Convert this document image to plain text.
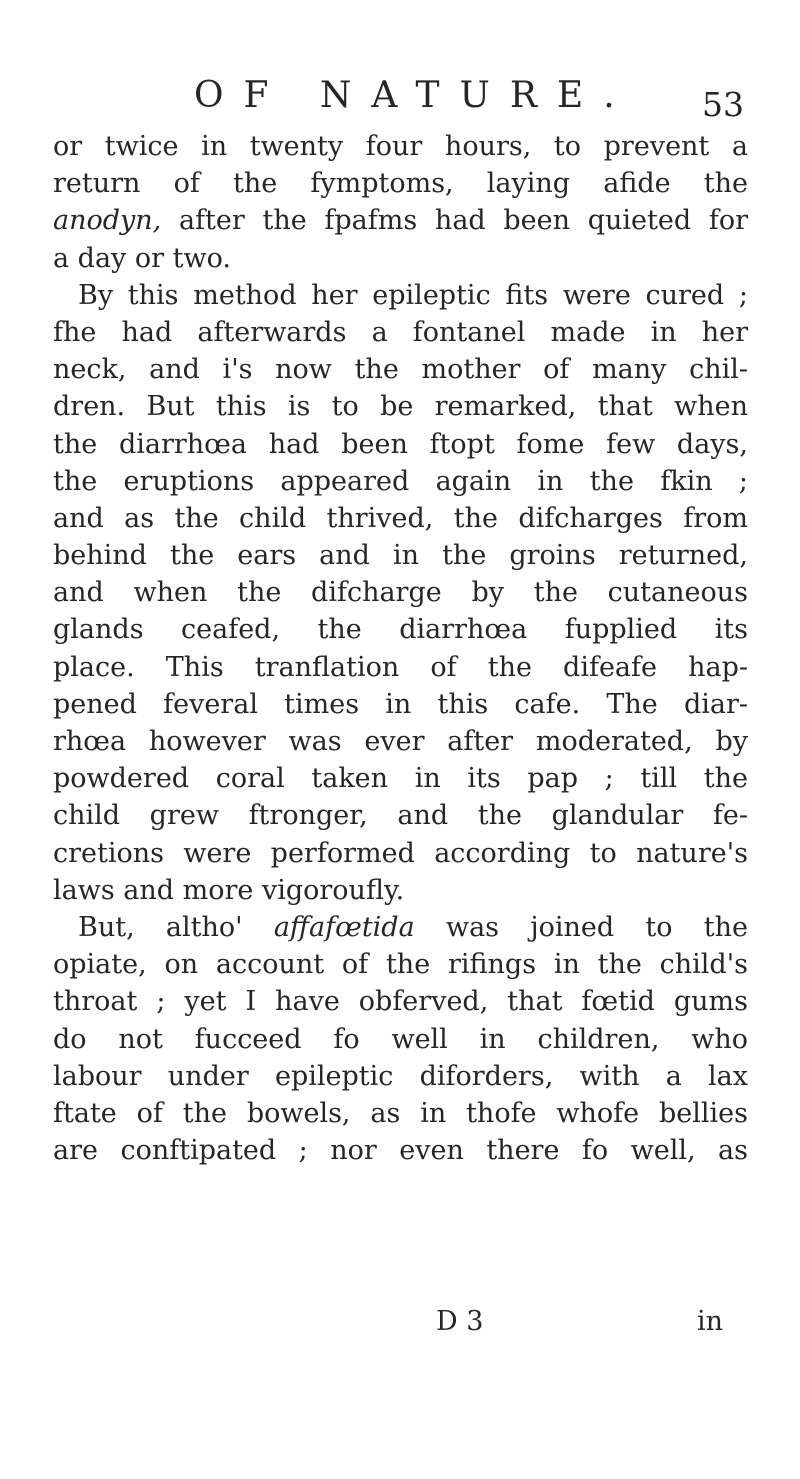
OF NATURE. 53
or twice in twenty four hours, to prevent a
return of the fymptoms, laying afide the
anodyn, after the fpafms had been quieted for
a day or two.
By this method her epileptic fits were cured ;
fhe had afterwards a fontanel made in her
neck, and i's now the mother of many chil-
dren. But this is to be remarked, that when
the diarrhœa had been ftopt fome few days,
the eruptions appeared again in the fkin ;
and as the child thrived, the difcharges from
behind the ears and in the groins returned,
and when the difcharge by the cutaneous
glands ceafed, the diarrhœa fupplied its
place. This tranflation of the difeafe hap-
pened feveral times in this cafe. The diar-
rhœa however was ever after moderated, by
powdered coral taken in its pap ; till the
child grew ftronger, and the glandular fe-
cretions were performed according to nature's
laws and more vigoroufly.
But, altho' affafœtida was joined to the
opiate, on account of the rifings in the child's
throat ; yet I have obferved, that fœtid gums
do not fucceed fo well in children, who
labour under epileptic diforders, with a lax
ftate of the bowels, as in thofe whofe bellies
are conftipated ; nor even there fo well, as
D 3	in
